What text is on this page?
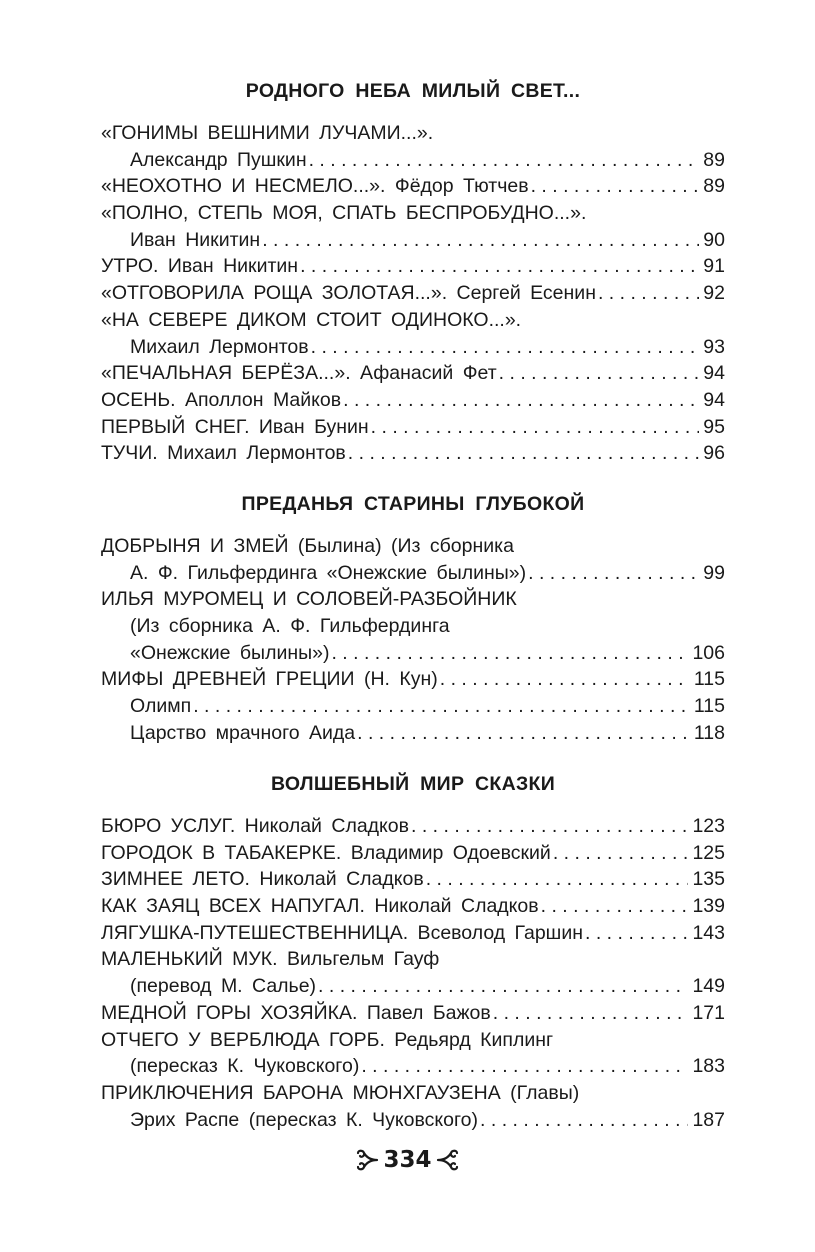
РОДНОГО НЕБА МИЛЫЙ СВЕТ...
«ГОНИМЫ ВЕШНИМИ ЛУЧАМИ...».
Александр Пушкин . . .	89
«НЕОХОТНО И НЕСМЕЛО...». Фёдор Тютчев . . .	89
«ПОЛНО, СТЕПЬ МОЯ, СПАТЬ БЕСПРОБУДНО...».
Иван Никитин . . .	90
УТРО. Иван Никитин . . .	91
«ОТГОВОРИЛА РОЩА ЗОЛОТАЯ...». Сергей Есенин . . .	92
«НА СЕВЕРЕ ДИКОМ СТОИТ ОДИНОКО...».
Михаил Лермонтов . . .	93
«ПЕЧАЛЬНАЯ БЕРЁЗА...». Афанасий Фет . . .	94
ОСЕНЬ. Аполлон Майков . . .	94
ПЕРВЫЙ СНЕГ. Иван Бунин . . .	95
ТУЧИ. Михаил Лермонтов . . .	96
ПРЕДАНЬЯ СТАРИНЫ ГЛУБОКОЙ
ДОБРЫНЯ И ЗМЕЙ (Былина) (Из сборника
А. Ф. Гильфердинга «Онежские былины») . . .	99
ИЛЬЯ МУРОМЕЦ И СОЛОВЕЙ-РАЗБОЙНИК
(Из сборника А. Ф. Гильфердинга
«Онежские былины») . . .	106
МИФЫ ДРЕВНЕЙ ГРЕЦИИ (Н. Кун) . . .	115
Олимп . . .	115
Царство мрачного Аида . . .	118
ВОЛШЕБНЫЙ МИР СКАЗКИ
БЮРО УСЛУГ. Николай Сладков . . .	123
ГОРОДОК В ТАБАКЕРКЕ. Владимир Одоевский . . .	125
ЗИМНЕЕ ЛЕТО. Николай Сладков . . .	135
КАК ЗАЯЦ ВСЕХ НАПУГАЛ. Николай Сладков . . .	139
ЛЯГУШКА-ПУТЕШЕСТВЕННИЦА. Всеволод Гаршин . . .	143
МАЛЕНЬКИЙ МУК. Вильгельм Гауф
(перевод М. Салье) . . .	149
МЕДНОЙ ГОРЫ ХОЗЯЙКА. Павел Бажов . . .	171
ОТЧЕГО У ВЕРБЛЮДА ГОРБ. Редьярд Киплинг
(пересказ К. Чуковского) . . .	183
ПРИКЛЮЧЕНИЯ БАРОНА МЮНХГАУЗЕНА (Главы)
Эрих Распе (пересказ К. Чуковского) . . .	187
334
